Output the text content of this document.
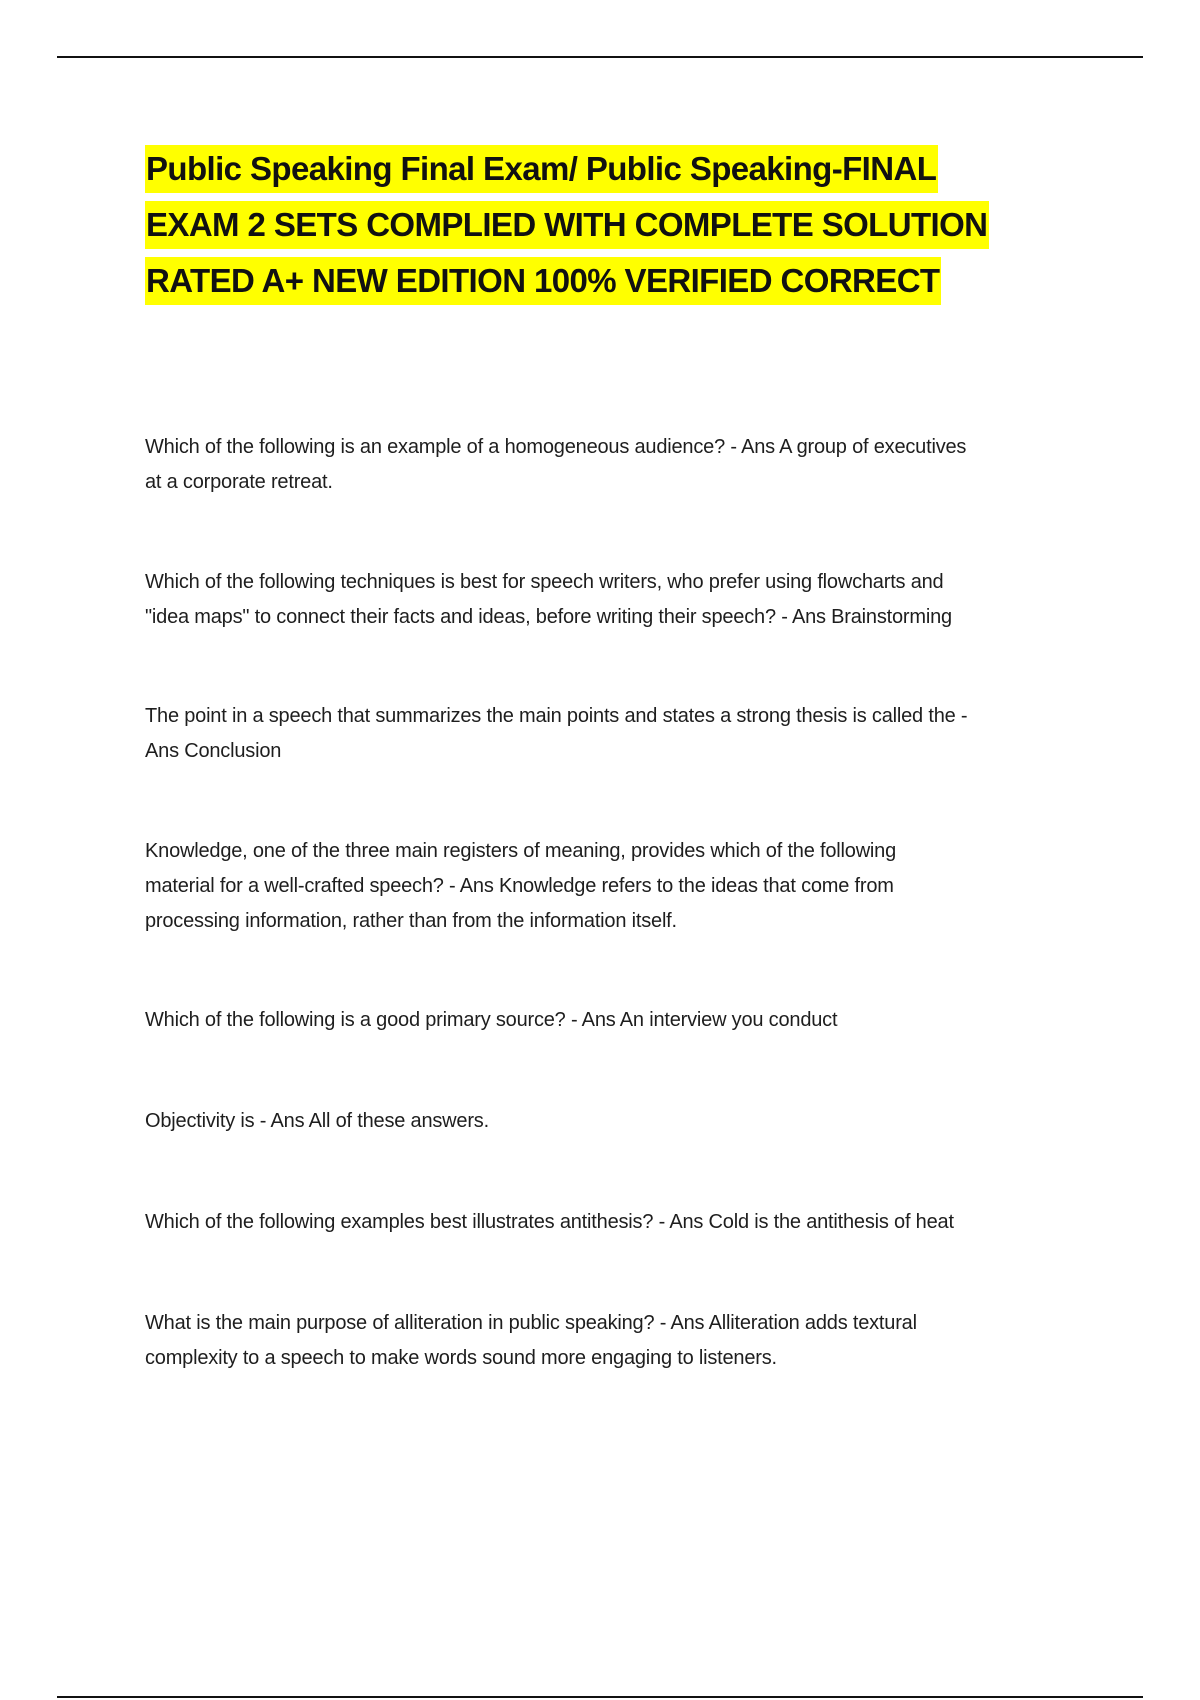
Public Speaking Final Exam/ Public Speaking-FINAL
EXAM 2 SETS COMPLIED WITH COMPLETE SOLUTION
RATED A+ NEW EDITION 100% VERIFIED CORRECT
Which of the following is an example of a homogeneous audience? - Ans A group of executives
at a corporate retreat.
Which of the following techniques is best for speech writers, who prefer using flowcharts and
"idea maps" to connect their facts and ideas, before writing their speech? - Ans Brainstorming
The point in a speech that summarizes the main points and states a strong thesis is called the -
Ans Conclusion
Knowledge, one of the three main registers of meaning, provides which of the following
material for a well-crafted speech? - Ans Knowledge refers to the ideas that come from
processing information, rather than from the information itself.
Which of the following is a good primary source? - Ans An interview you conduct
Objectivity is - Ans All of these answers.
Which of the following examples best illustrates antithesis? - Ans Cold is the antithesis of heat
What is the main purpose of alliteration in public speaking? - Ans Alliteration adds textural
complexity to a speech to make words sound more engaging to listeners.
